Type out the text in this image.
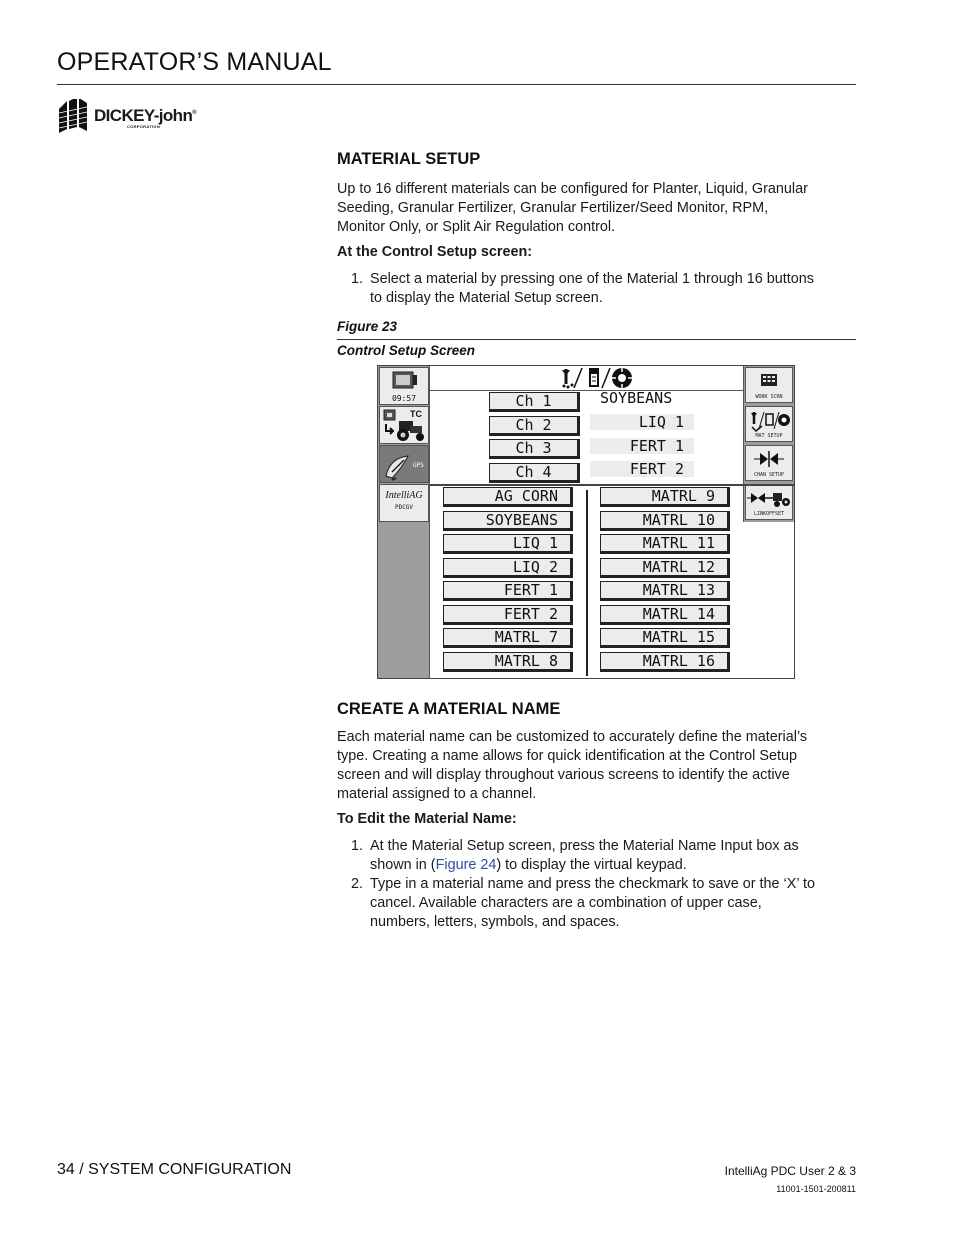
OPERATOR’S MANUAL
DICKEY-john®
CORPORATION
MATERIAL SETUP

Up to 16 different materials can be configured for Planter, Liquid, Granular

Seeding, Granular Fertilizer, Granular Fertilizer/Seed Monitor, RPM,

Monitor Only, or Split Air Regulation control.

At the Control Setup screen:

1. Select a material by pressing one of the Material 1 through 16 buttons
to display the Material Setup screen.
Figure 23
Control Setup Screen
09:57
TC
GPS
IntelliAG
PDCGV
Ch 1
Ch 2
Ch 3
Ch 4
SOYBEANS
LIQ 1
FERT 1
FERT 2
WORK SCRN
MAT SETUP
CHAN SETUP
LINKOFFSET
AG CORN
SOYBEANS
LIQ 1
LIQ 2
FERT 1
FERT 2
MATRL 7
MATRL 8
MATRL 9
MATRL 10
MATRL 11
MATRL 12
MATRL 13
MATRL 14
MATRL 15
MATRL 16
CREATE A MATERIAL NAME

Each material name can be customized to accurately define the material’s

type. Creating a name allows for quick identification at the Control Setup

screen and will display throughout various screens to identify the active

material assigned to a channel.

To Edit the Material Name:

1. At the Material Setup screen, press the Material Name Input box as
shown in (Figure 24) to display the virtual keypad.
2. Type in a material name and press the checkmark to save or the ‘X’ to
cancel. Available characters are a combination of upper case,
numbers, letters, symbols, and spaces.
34 / SYSTEM CONFIGURATION	IntelliAg PDC User 2 & 3
11001-1501-200811
